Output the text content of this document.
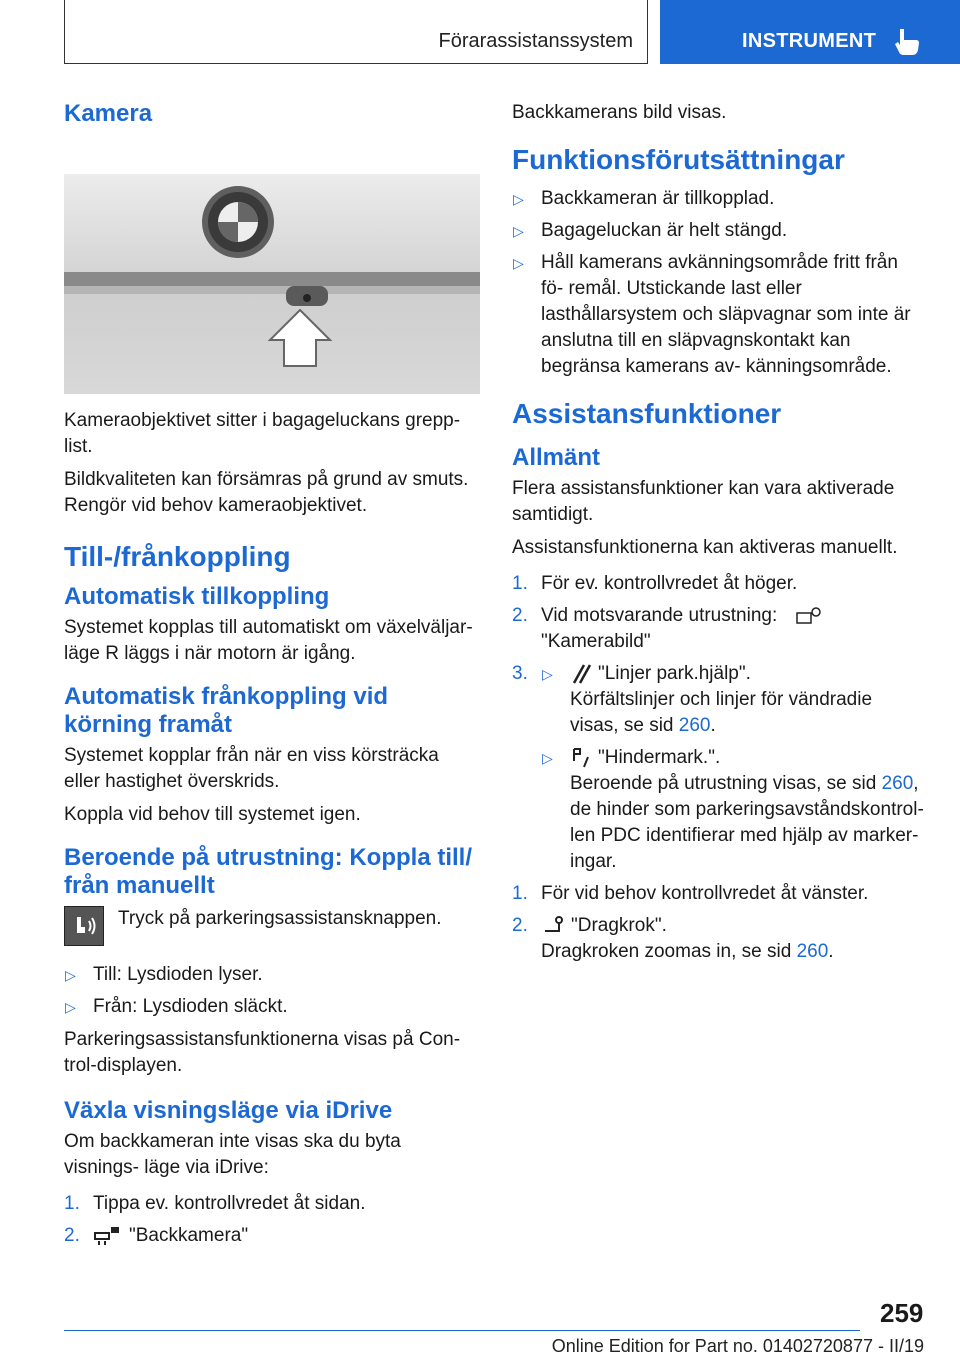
Förarassistanssystem	INSTRUMENT
Kamera

Kameraobjektivet sitter i bagageluckans grepp- list.

Bildkvaliteten kan försämras på grund av smuts. Rengör vid behov kameraobjektivet.

Till-/frånkoppling
Automatisk tillkoppling

Systemet kopplas till automatiskt om växelväljar- läge R läggs i när motorn är igång.

Automatisk frånkoppling vid körning framåt

Systemet kopplar från när en viss körsträcka eller hastighet överskrids.

Koppla vid behov till systemet igen.

Beroende på utrustning: Koppla till/ från manuellt

Tryck på parkeringsassistansknappen.

▷ Till: Lysdioden lyser.
▷ Från: Lysdioden släckt.

Parkeringsassistansfunktionerna visas på Con- trol-displayen.

Växla visningsläge via iDrive

Om backkameran inte visas ska du byta visnings- läge via iDrive:

1. Tippa ev. kontrollvredet åt sidan.
2.	"Backkamera"

Backkamerans bild visas.

Funktionsförutsättningar
▷ Backkameran är tillkopplad.
▷ Bagageluckan är helt stängd.
▷ Håll kamerans avkänningsområde fritt från fö- remål. Utstickande last eller lasthållarsystem och släpvagnar som inte är anslutna till en släpvagnskontakt kan begränsa kamerans av- känningsområde.
Assistansfunktioner
Allmänt

Flera assistansfunktioner kan vara aktiverade samtidigt.

Assistansfunktionerna kan aktiveras manuellt.

1. För ev. kontrollvredet åt höger.
2. Vid motsvarande utrustning:
"Kamerabild"
3.
▷	"Linjer park.hjälp".
Körfältslinjer och linjer för vändradie visas, se sid 260.
▷ "Hindermark.".
Beroende på utrustning visas, se sid 260, de hinder som parkeringsavståndskontrol- len PDC identifierar med hjälp av marker- ingar.
1. För vid behov kontrollvredet åt vänster.
2. "Dragkrok".
Dragkroken zoomas in, se sid 260.
259
Online Edition for Part no. 01402720877 - II/19
